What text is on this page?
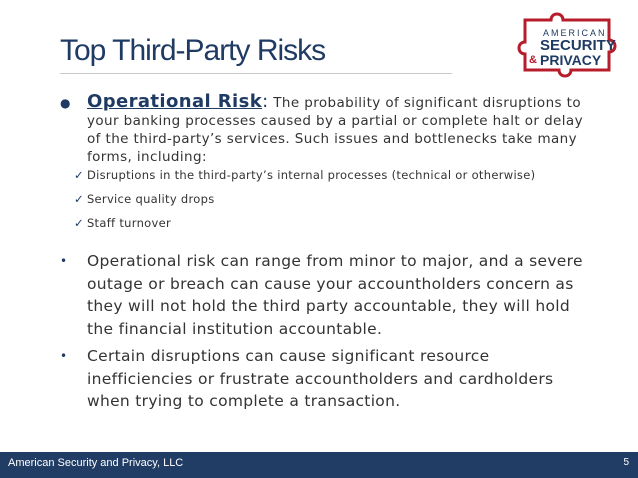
Top Third-Party Risks
AMERICAN
SECURITY
& PRIVACY
● Operational Risk: The probability of significant disruptions to your banking processes caused by a partial or complete halt or delay of the third-party’s services. Such issues and bottlenecks take many forms, including:
✓ Disruptions in the third-party’s internal processes (technical or otherwise)
✓ Service quality drops
✓ Staff turnover
• Operational risk can range from minor to major, and a severe outage or breach can cause your accountholders concern as they will not hold the third party accountable, they will hold the financial institution accountable.
• Certain disruptions can cause significant resource inefficiencies or frustrate accountholders and cardholders when trying to complete a transaction.
American Security and Privacy, LLC	5
